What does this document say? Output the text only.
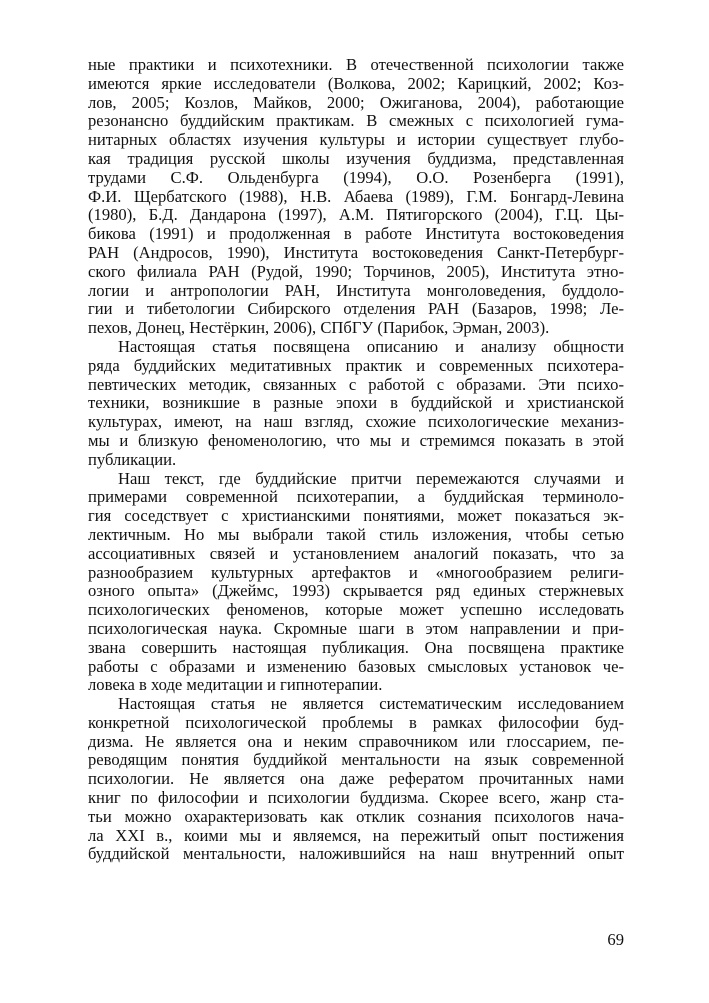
ные практики и психотехники. В отечественной психологии также
имеются яркие исследователи (Волкова, 2002; Карицкий, 2002; Коз-
лов, 2005; Козлов, Майков, 2000; Ожиганова, 2004), работающие
резонансно буддийским практикам. В смежных с психологией гума-
нитарных областях изучения культуры и истории существует глубо-
кая традиция русской школы изучения буддизма, представленная
трудами С.Ф. Ольденбурга (1994), О.О. Розенберга (1991),
Ф.И. Щербатского (1988), Н.В. Абаева (1989), Г.М. Бонгард-Левина
(1980), Б.Д. Дандарона (1997), А.М. Пятигорского (2004), Г.Ц. Цы-
бикова (1991) и продолженная в работе Института востоковедения
РАН (Андросов, 1990), Института востоковедения Санкт-Петербург-
ского филиала РАН (Рудой, 1990; Торчинов, 2005), Института этно-
логии и антропологии РАН, Института монголоведения, буддоло-
гии и тибетологии Сибирского отделения РАН (Базаров, 1998; Ле-
пехов, Донец, Нестёркин, 2006), СПбГУ (Парибок, Эрман, 2003).
Настоящая статья посвящена описанию и анализу общности
ряда буддийских медитативных практик и современных психотера-
певтических методик, связанных с работой с образами. Эти психо-
техники, возникшие в разные эпохи в буддийской и христианской
культурах, имеют, на наш взгляд, схожие психологические механиз-
мы и близкую феноменологию, что мы и стремимся показать в этой
публикации.
Наш текст, где буддийские притчи перемежаются случаями и
примерами современной психотерапии, а буддийская терминоло-
гия соседствует с христианскими понятиями, может показаться эк-
лектичным. Но мы выбрали такой стиль изложения, чтобы сетью
ассоциативных связей и установлением аналогий показать, что за
разнообразием культурных артефактов и «многообразием религи-
озного опыта» (Джеймс, 1993) скрывается ряд единых стержневых
психологических феноменов, которые может успешно исследовать
психологическая наука. Скромные шаги в этом направлении и при-
звана совершить настоящая публикация. Она посвящена практике
работы с образами и изменению базовых смысловых установок че-
ловека в ходе медитации и гипнотерапии.
Настоящая статья не является систематическим исследованием
конкретной психологической проблемы в рамках философии буд-
дизма. Не является она и неким справочником или глоссарием, пе-
реводящим понятия буддийкой ментальности на язык современной
психологии. Не является она даже рефератом прочитанных нами
книг по философии и психологии буддизма. Скорее всего, жанр ста-
тьи можно охарактеризовать как отклик сознания психологов нача-
ла XXI в., коими мы и являемся, на пережитый опыт постижения
буддийской ментальности, наложившийся на наш внутренний опыт
69
